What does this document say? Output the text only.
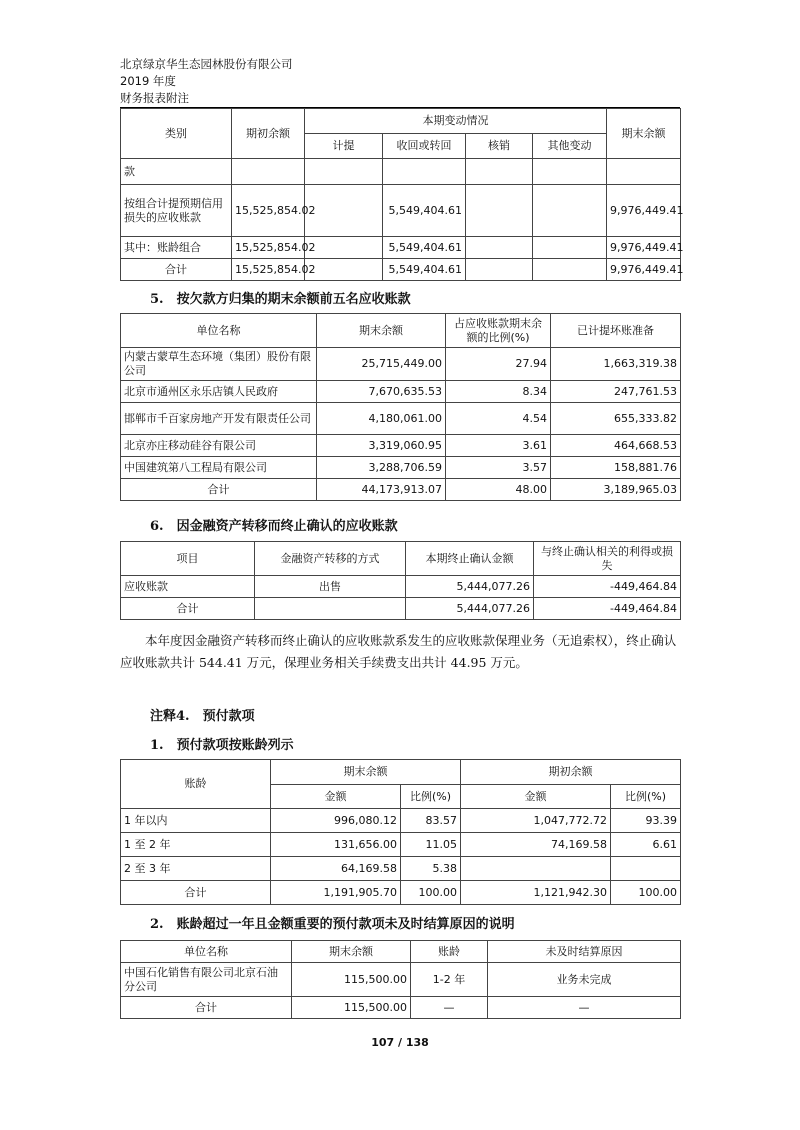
北京绿京华生态园林股份有限公司
2019 年度
财务报表附注
类别	期初余额	本期变动情况				期末余额
		计提	收回或转回	核销	其他变动	
款						
按组合计提预期信用损失的应收账款	15,525,854.02		5,549,404.61			9,976,449.41
其中：账龄组合	15,525,854.02		5,549,404.61			9,976,449.41
合计	15,525,854.02		5,549,404.61			9,976,449.41
5.　按欠款方归集的期末余额前五名应收账款
单位名称	期末余额	占应收账款期末余额的比例(%)	已计提坏账准备
内蒙古蒙草生态环境（集团）股份有限公司	25,715,449.00	27.94	1,663,319.38
北京市通州区永乐店镇人民政府	7,670,635.53	8.34	247,761.53
邯郸市千百家房地产开发有限责任公司	4,180,061.00	4.54	655,333.82
北京亦庄移动硅谷有限公司	3,319,060.95	3.61	464,668.53
中国建筑第八工程局有限公司	3,288,706.59	3.57	158,881.76
合计	44,173,913.07	48.00	3,189,965.03
6.　因金融资产转移而终止确认的应收账款
项目	金融资产转移的方式	本期终止确认金额	与终止确认相关的利得或损失
应收账款	出售	5,444,077.26	-449,464.84
合计		5,444,077.26	-449,464.84
本年度因金融资产转移而终止确认的应收账款系发生的应收账款保理业务（无追索权），终止确认应收账款共计 544.41 万元，保理业务相关手续费支出共计 44.95 万元。
注释4.　预付款项
1.　预付款项按账龄列示
账龄	期末余额		期初余额	
	金额	比例(%)	金额	比例(%)
1 年以内	996,080.12	83.57	1,047,772.72	93.39
1 至 2 年	131,656.00	11.05	74,169.58	6.61
2 至 3 年	64,169.58	5.38		
合计	1,191,905.70	100.00	1,121,942.30	100.00
2.　账龄超过一年且金额重要的预付款项未及时结算原因的说明
单位名称	期末余额	账龄	未及时结算原因
中国石化销售有限公司北京石油分公司	115,500.00	1-2 年	业务未完成
合计	115,500.00	—	—
107 / 138
